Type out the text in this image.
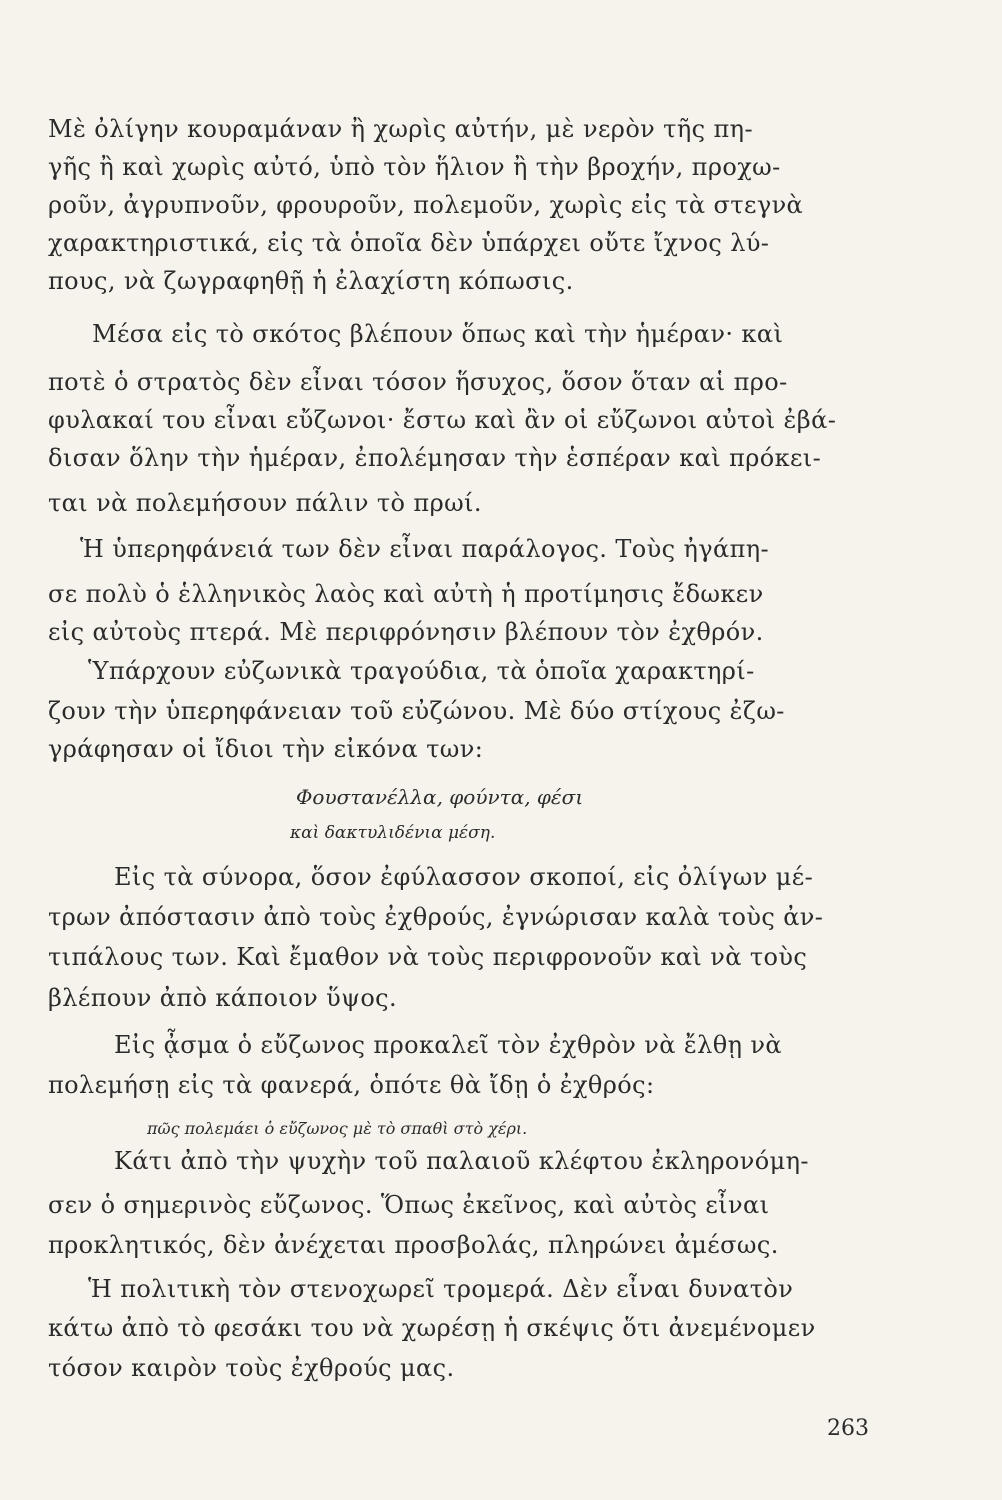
Μὲ ὀλίγην κουραμάναν ἢ χωρὶς αὐτήν, μὲ νερὸν τῆς πη-
γῆς ἢ καὶ χωρὶς αὐτό, ὑπὸ τὸν ἥλιον ἢ τὴν βροχήν, προχω-
ροῦν, ἀγρυπνοῦν, φρουροῦν, πολεμοῦν, χωρὶς εἰς τὰ στεγνὰ
χαρακτηριστικά, εἰς τὰ ὁποῖα δὲν ὑπάρχει οὔτε ἴχνος λύ-
πους, νὰ ζωγραφηθῇ ἡ ἐλαχίστη κόπωσις.
Μέσα εἰς τὸ σκότος βλέπουν ὅπως καὶ τὴν ἡμέραν· καὶ
ποτὲ ὁ στρατὸς δὲν εἶναι τόσον ἥσυχος, ὅσον ὅταν αἱ προ-
φυλακαί του εἶναι εὔζωνοι· ἔστω καὶ ἂν οἱ εὔζωνοι αὐτοὶ ἐβά-
δισαν ὅλην τὴν ἡμέραν, ἐπολέμησαν τὴν ἑσπέραν καὶ πρόκει-
ται νὰ πολεμήσουν πάλιν τὸ πρωί.
Ἡ ὑπερηφάνειά των δὲν εἶναι παράλογος. Τοὺς ἠγάπη-
σε πολὺ ὁ ἑλληνικὸς λαὸς καὶ αὐτὴ ἡ προτίμησις ἔδωκεν
εἰς αὐτοὺς πτερά. Μὲ περιφρόνησιν βλέπουν τὸν ἐχθρόν.
Ὑπάρχουν εὐζωνικὰ τραγούδια, τὰ ὁποῖα χαρακτηρί-
ζουν τὴν ὑπερηφάνειαν τοῦ εὐζώνου. Μὲ δύο στίχους ἐζω-
γράφησαν οἱ ἴδιοι τὴν εἰκόνα των:
Φουστανέλλα, φούντα, φέσι
καὶ δακτυλιδένια μέση.
Εἰς τὰ σύνορα, ὅσον ἐφύλασσον σκοποί, εἰς ὀλίγων μέ-
τρων ἀπόστασιν ἀπὸ τοὺς ἐχθρούς, ἐγνώρισαν καλὰ τοὺς ἀν-
τιπάλους των. Καὶ ἔμαθον νὰ τοὺς περιφρονοῦν καὶ νὰ τοὺς
βλέπουν ἀπὸ κάποιον ὕψος.
Εἰς ᾆσμα ὁ εὔζωνος προκαλεῖ τὸν ἐχθρὸν νὰ ἔλθῃ νὰ
πολεμήσῃ εἰς τὰ φανερά, ὁπότε θὰ ἴδῃ ὁ ἐχθρός:
πῶς πολεμάει ὁ εὔζωνος μὲ τὸ σπαθὶ στὸ χέρι.
Κάτι ἀπὸ τὴν ψυχὴν τοῦ παλαιοῦ κλέφτου ἐκληρονόμη-
σεν ὁ σημερινὸς εὔζωνος. Ὅπως ἐκεῖνος, καὶ αὐτὸς εἶναι
προκλητικός, δὲν ἀνέχεται προσβολάς, πληρώνει ἀμέσως.
Ἡ πολιτικὴ τὸν στενοχωρεῖ τρομερά. Δὲν εἶναι δυνατὸν
κάτω ἀπὸ τὸ φεσάκι του νὰ χωρέσῃ ἡ σκέψις ὅτι ἀνεμένομεν
τόσον καιρὸν τοὺς ἐχθρούς μας.
263
